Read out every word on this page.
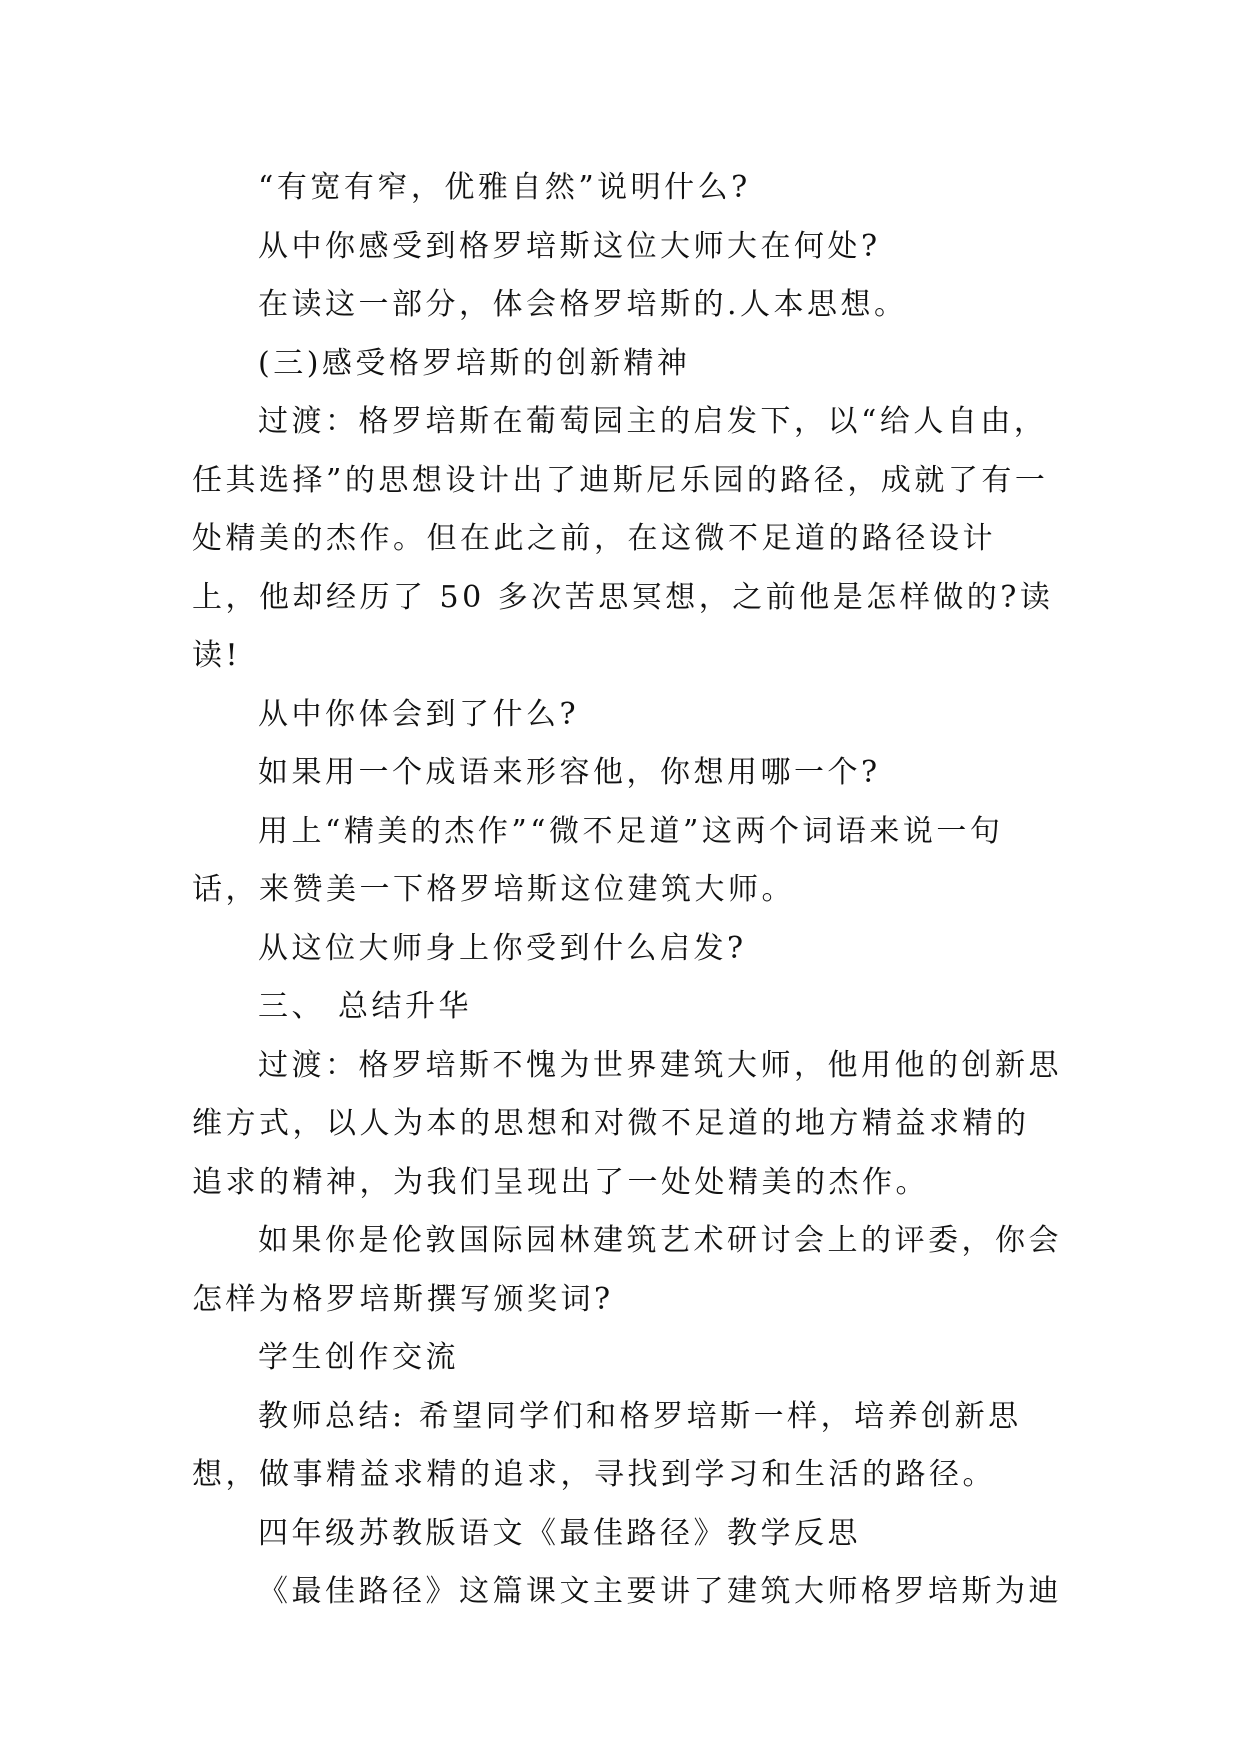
“有宽有窄，优雅自然”说明什么?

从中你感受到格罗培斯这位大师大在何处?

在读这一部分，体会格罗培斯的.人本思想。

(三)感受格罗培斯的创新精神

过渡：格罗培斯在葡萄园主的启发下，以“给人自由，任其选择”的思想设计出了迪斯尼乐园的路径，成就了有一处精美的杰作。但在此之前，在这微不足道的路径设计上，他却经历了 50 多次苦思冥想，之前他是怎样做的?读读!

从中你体会到了什么?

如果用一个成语来形容他，你想用哪一个?

用上“精美的杰作”“微不足道”这两个词语来说一句话，来赞美一下格罗培斯这位建筑大师。

从这位大师身上你受到什么启发?

三、 总结升华

过渡：格罗培斯不愧为世界建筑大师，他用他的创新思维方式，以人为本的思想和对微不足道的地方精益求精的追求的精神，为我们呈现出了一处处精美的杰作。

如果你是伦敦国际园林建筑艺术研讨会上的评委，你会怎样为格罗培斯撰写颁奖词?

学生创作交流

教师总结: 希望同学们和格罗培斯一样，培养创新思想，做事精益求精的追求，寻找到学习和生活的路径。

四年级苏教版语文《最佳路径》教学反思

《最佳路径》这篇课文主要讲了建筑大师格罗培斯为迪
